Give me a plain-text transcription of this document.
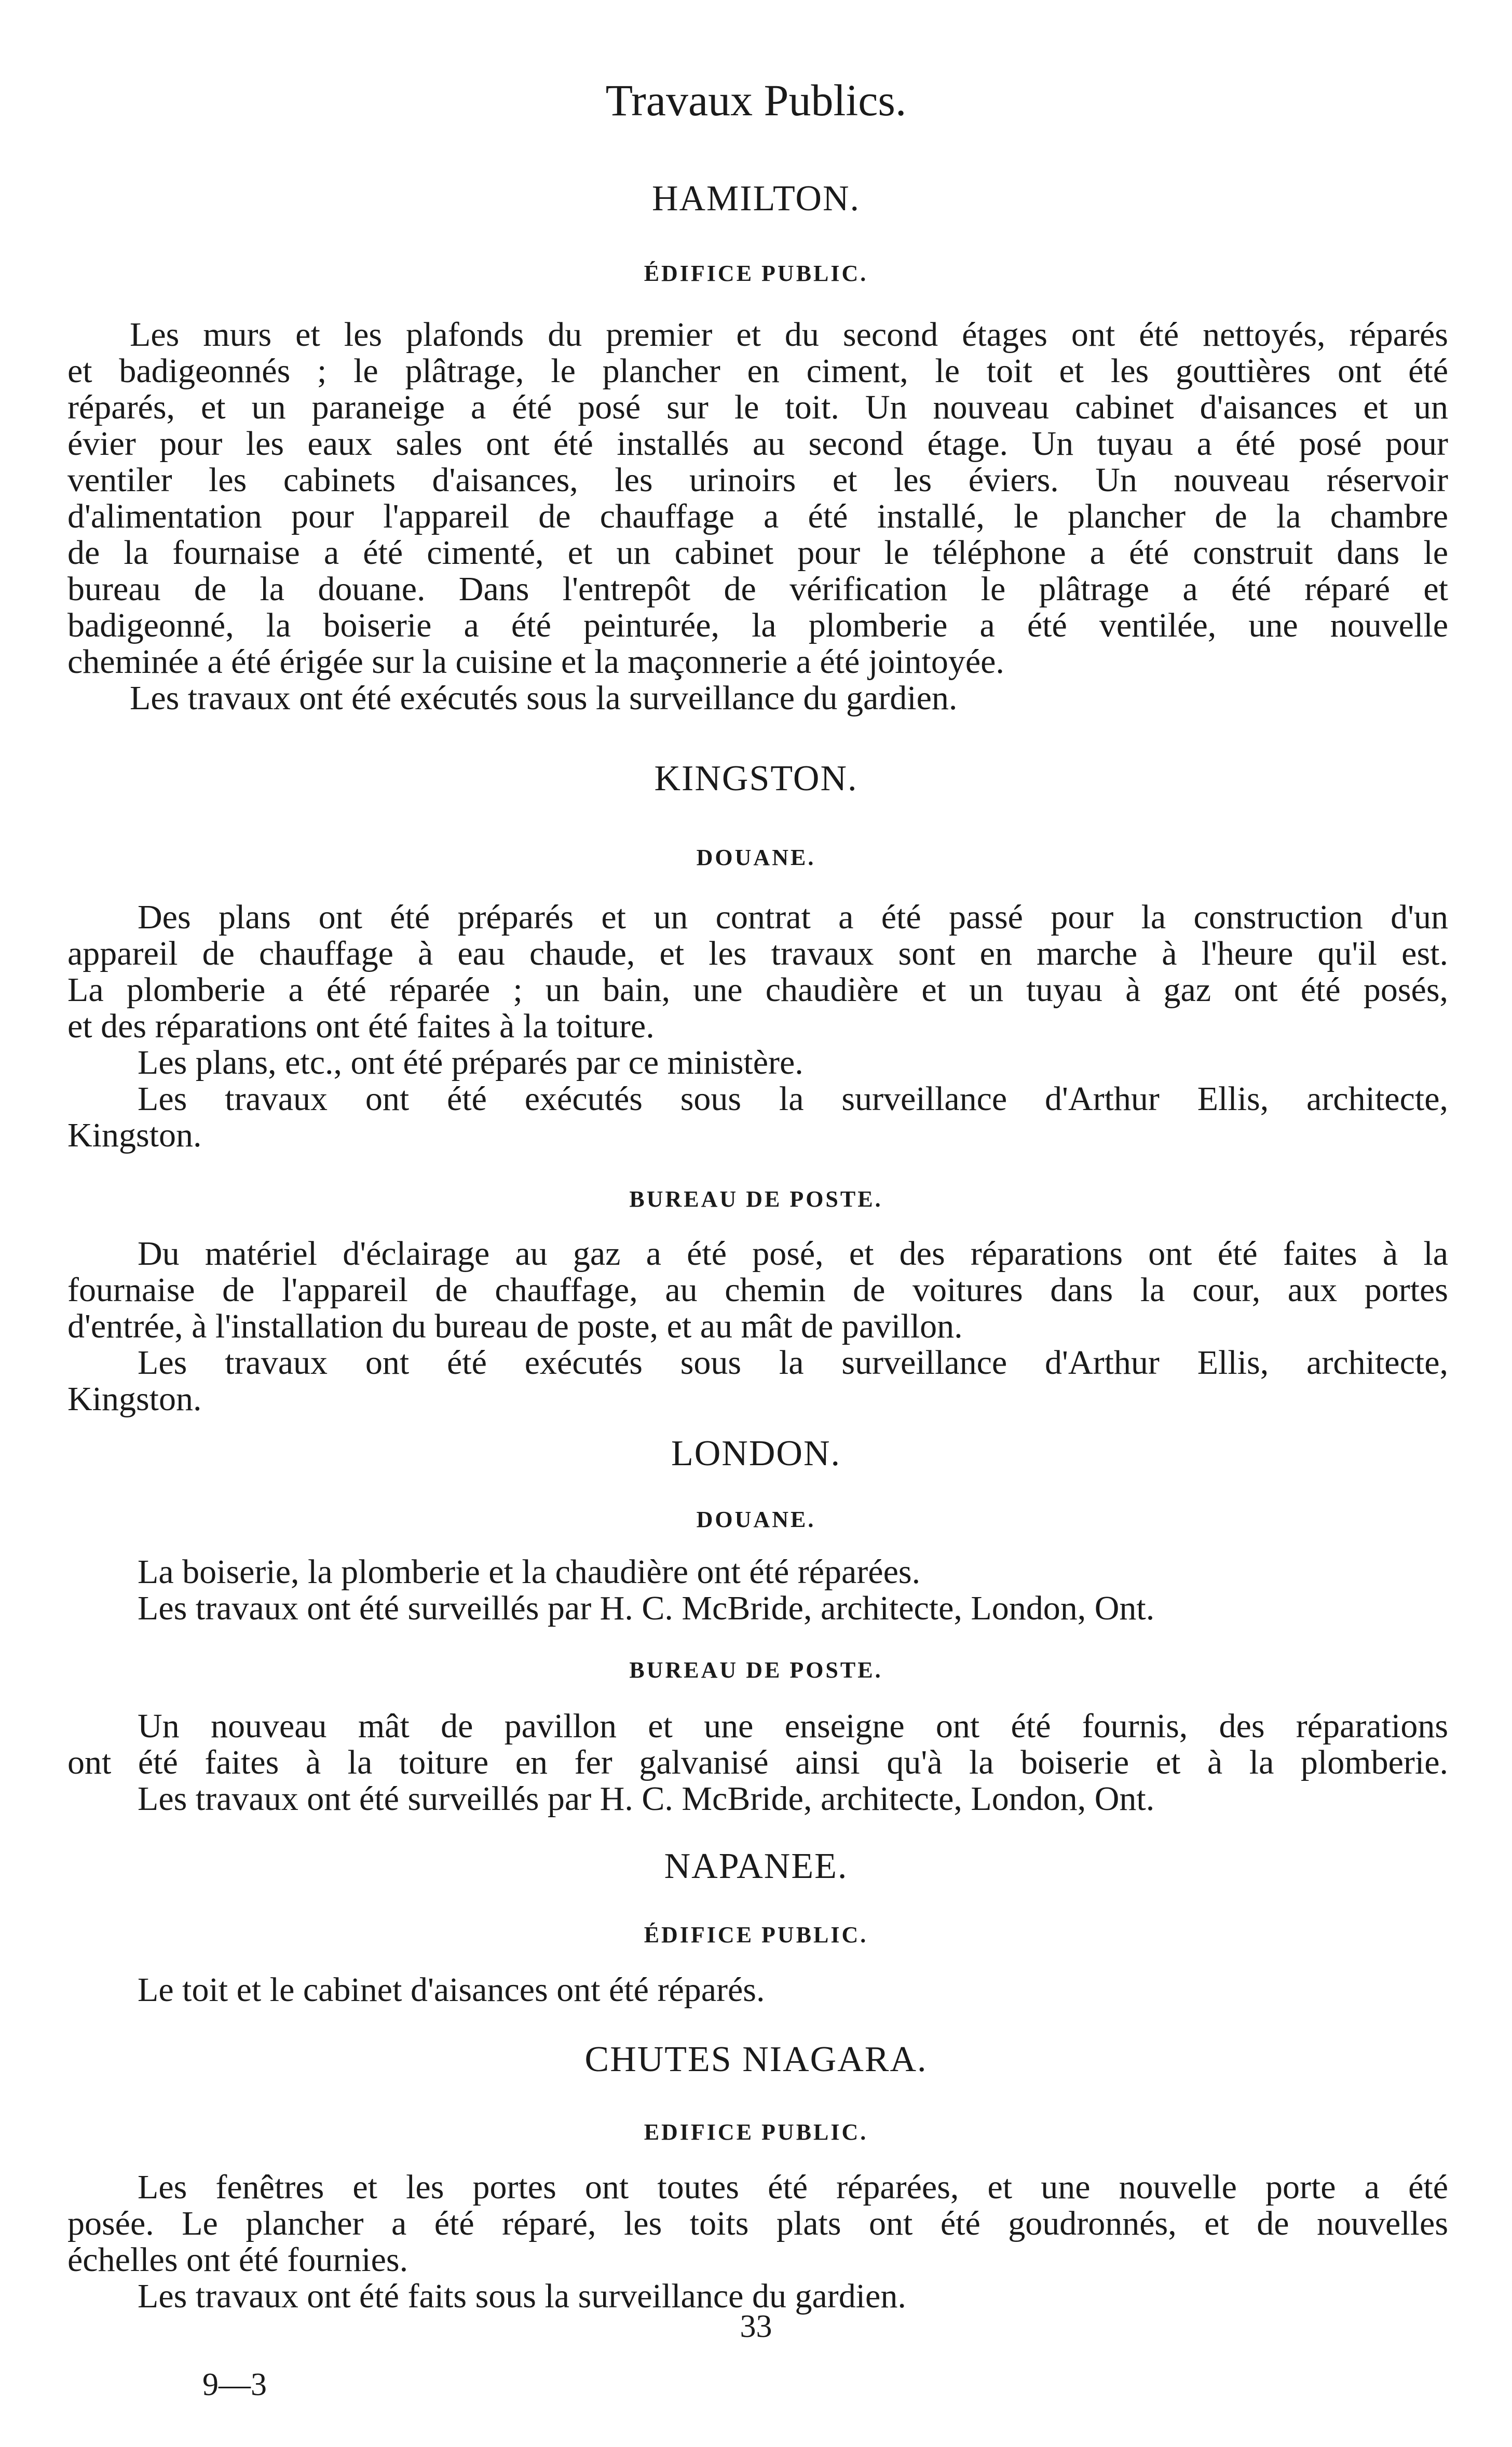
Travaux Publics.
HAMILTON.
ÉDIFICE PUBLIC.
Les murs et les plafonds du premier et du second étages ont été nettoyés, réparés
et badigeonnés ; le plâtrage, le plancher en ciment, le toit et les gouttières ont été
réparés, et un paraneige a été posé sur le toit. Un nouveau cabinet d'aisances et un
évier pour les eaux sales ont été installés au second étage. Un tuyau a été posé pour
ventiler les cabinets d'aisances, les urinoirs et les éviers. Un nouveau réservoir
d'alimentation pour l'appareil de chauffage a été installé, le plancher de la chambre
de la fournaise a été cimenté, et un cabinet pour le téléphone a été construit dans le
bureau de la douane. Dans l'entrepôt de vérification le plâtrage a été réparé et
badigeonné, la boiserie a été peinturée, la plomberie a été ventilée, une nouvelle
cheminée a été érigée sur la cuisine et la maçonnerie a été jointoyée.
Les travaux ont été exécutés sous la surveillance du gardien.
KINGSTON.
DOUANE.
Des plans ont été préparés et un contrat a été passé pour la construction d'un
appareil de chauffage à eau chaude, et les travaux sont en marche à l'heure qu'il est.
La plomberie a été réparée ; un bain, une chaudière et un tuyau à gaz ont été posés,
et des réparations ont été faites à la toiture.
Les plans, etc., ont été préparés par ce ministère.
Les travaux ont été exécutés sous la surveillance d'Arthur Ellis, architecte,
Kingston.
BUREAU DE POSTE.
Du matériel d'éclairage au gaz a été posé, et des réparations ont été faites à la
fournaise de l'appareil de chauffage, au chemin de voitures dans la cour, aux portes
d'entrée, à l'installation du bureau de poste, et au mât de pavillon.
Les travaux ont été exécutés sous la surveillance d'Arthur Ellis, architecte,
Kingston.
LONDON.
DOUANE.
La boiserie, la plomberie et la chaudière ont été réparées.
Les travaux ont été surveillés par H. C. McBride, architecte, London, Ont.
BUREAU DE POSTE.
Un nouveau mât de pavillon et une enseigne ont été fournis, des réparations
ont été faites à la toiture en fer galvanisé ainsi qu'à la boiserie et à la plomberie.
Les travaux ont été surveillés par H. C. McBride, architecte, London, Ont.
NAPANEE.
ÉDIFICE PUBLIC.
Le toit et le cabinet d'aisances ont été réparés.
CHUTES NIAGARA.
EDIFICE PUBLIC.
Les fenêtres et les portes ont toutes été réparées, et une nouvelle porte a été
posée. Le plancher a été réparé, les toits plats ont été goudronnés, et de nouvelles
échelles ont été fournies.
Les travaux ont été faits sous la surveillance du gardien.
33
9—3
